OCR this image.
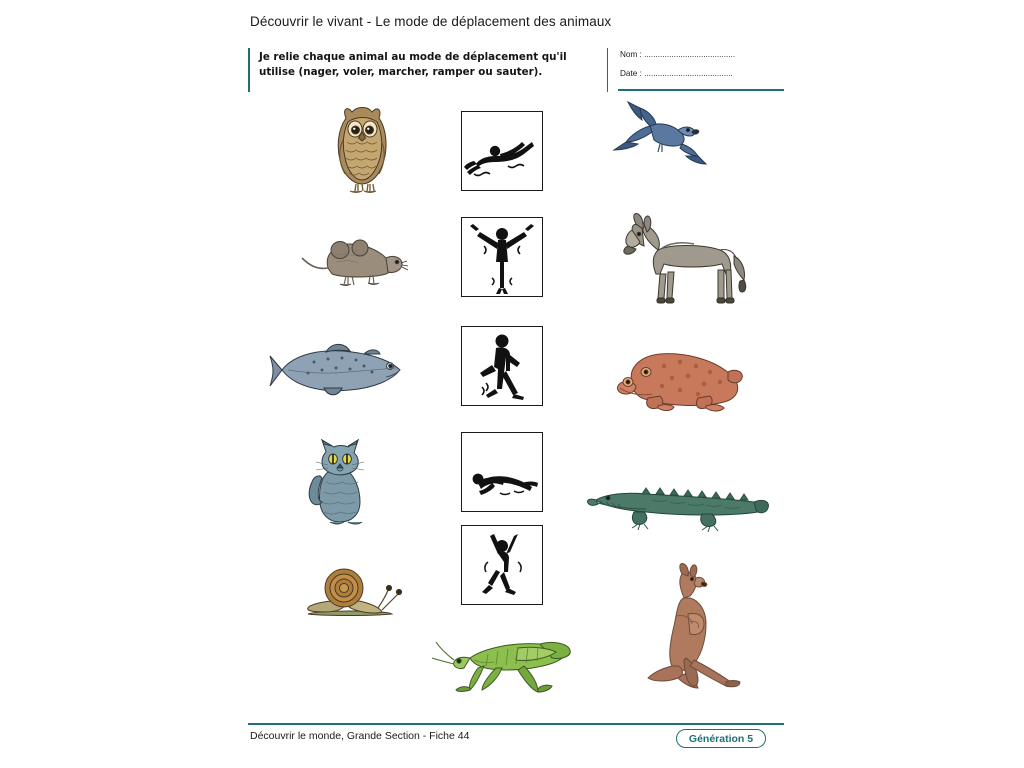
Découvrir le vivant - Le mode de déplacement des animaux
Je relie chaque animal au mode de déplacement qu'il utilise (nager, voler, marcher, ramper ou sauter).
Nom : ........................................
Date : .......................................
Découvrir le monde, Grande Section - Fiche 44	Génération 5
